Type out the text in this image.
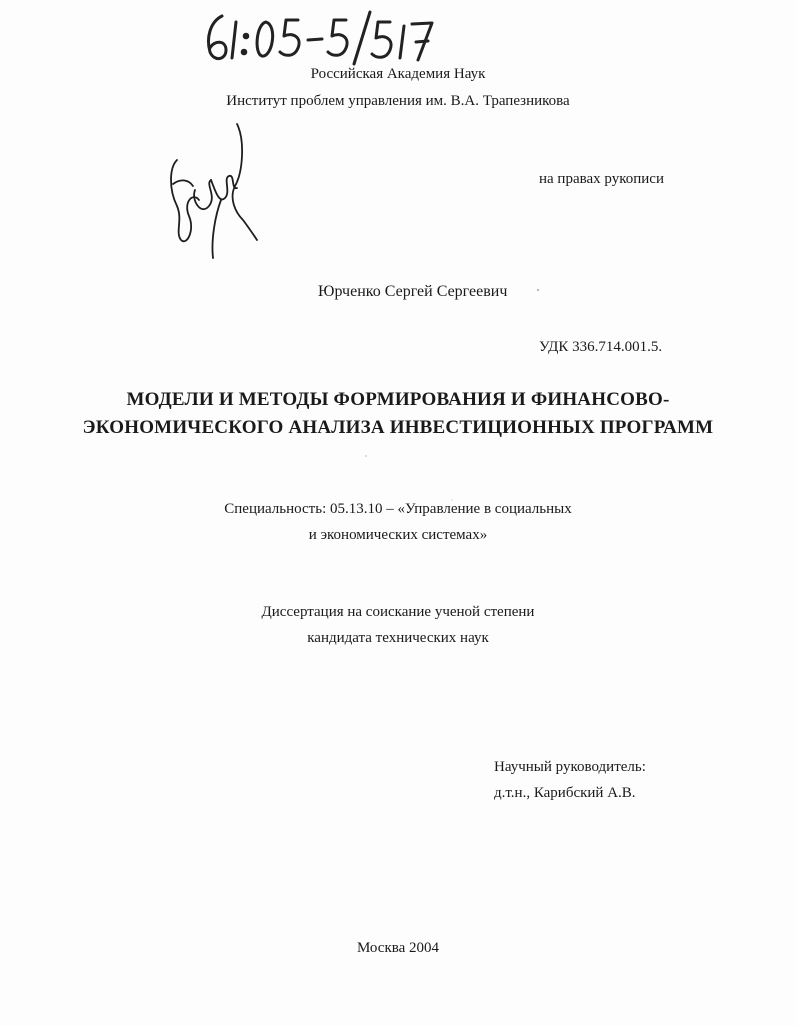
Российская Академия Наук
Институт проблем управления им. В.А. Трапезникова
на правах рукописи
Юрченко Сергей Сергеевич
УДК 336.714.001.5.
МОДЕЛИ И МЕТОДЫ ФОРМИРОВАНИЯ И ФИНАНСОВО-
ЭКОНОМИЧЕСКОГО АНАЛИЗА ИНВЕСТИЦИОННЫХ ПРОГРАММ
Специальность: 05.13.10 – «Управление в социальных
и экономических системах»
Диссертация на соискание ученой степени
кандидата технических наук
Научный руководитель:
д.т.н., Карибский А.В.
Москва 2004
